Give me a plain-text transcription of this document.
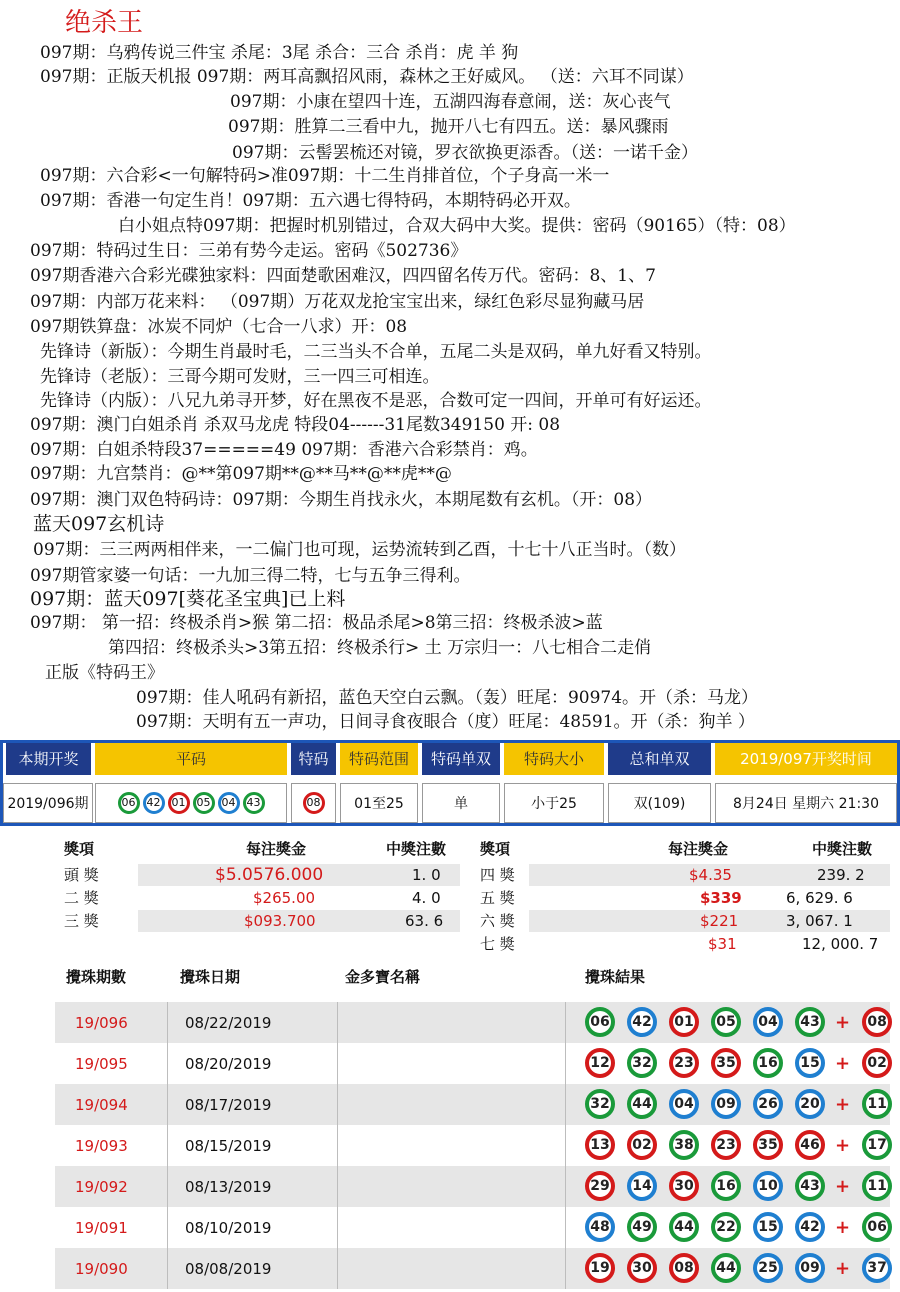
绝杀王
097期：乌鸦传说三件宝 杀尾：3尾 杀合：三合 杀肖：虎 羊 狗
097期：正版天机报 097期：两耳高飘招风雨，森林之王好威风。 （送：六耳不同谋）
097期：小康在望四十连，五湖四海春意闹，送：灰心丧气
097期：胜算二三看中九，抛开八七有四五。送：暴风骤雨
097期：云髻罢梳还对镜，罗衣欲换更添香。（送：一诺千金）
097期：六合彩<一句解特码>准097期：十二生肖排首位，个子身高一米一
097期：香港一句定生肖！097期：五六遇七得特码，本期特码必开双。
白小姐点特097期：把握时机别错过，合双大码中大奖。提供：密码（90165）（特：08）
097期：特码过生日：三弟有势今走运。密码《502736》
097期香港六合彩光碟独家料：四面楚歌困难汉，四四留名传万代。密码：8、1、7
097期：内部万花来料： （097期）万花双龙抢宝宝出来，绿红色彩尽显狗藏马居
097期铁算盘：冰炭不同炉（七合一八求）开：08
先锋诗（新版）：今期生肖最时毛，二三当头不合单，五尾二头是双码，单九好看又特别。
先锋诗（老版）：三哥今期可发财，三一四三可相连。
先锋诗（内版）：八兄九弟寻开梦，好在黑夜不是恶，合数可定一四间，开单可有好运还。
097期：澳门白姐杀肖 杀双马龙虎 特段04------31尾数349150 开: 08
097期：白姐杀特段37=====49 097期：香港六合彩禁肖：鸡。
097期：九宫禁肖：@**第097期**@**马**@**虎**@
097期：澳门双色特码诗：097期：今期生肖找永火，本期尾数有玄机。（开：08）
蓝天097玄机诗
097期：三三两两相伴来，一二偏门也可现，运势流转到乙酉，十七十八正当时。（数）
097期管家婆一句话：一九加三得二特，七与五争三得利。
097期：蓝天097[葵花圣宝典]已上料
097期： 第一招：终极杀肖>猴 第二招：极品杀尾>8第三招：终极杀波>蓝
第四招：终极杀头>3第五招：终极杀行> 土 万宗归一：八七相合二走俏
正版《特码王》
097期：佳人吼码有新招，蓝色天空白云飘。（轰）旺尾：90974。开（杀：马龙）
097期：天明有五一声功，日间寻食夜眼合（度）旺尾：48591。开（杀：狗羊 ）
本期开奖	平码	特码	特码范围	特码单双	特码大小	总和单双	2019/097开奖时间
2019/096期	06	42	01	05	04	43	08	01至25	单	小于25	双(109)	8月24日 星期六 21:30
獎項	每注獎金	中獎注數 獎項	每注獎金	中獎注數
頭 獎	$5.0576.000	1. 0
二 獎	$265.00	4. 0
三 獎	$093.700	63. 6
四 獎	$4.35	239. 2
五 獎	$339	6, 629. 6
六 獎	$221	3, 067. 1
七 獎	$31	12, 000. 7
攪珠期數	攪珠日期	金多寶名稱	攪珠結果
19/096	08/22/2019	06	42	01	05	04	43 +	08
19/095	08/20/2019	12	32	23	35	16	15 +	02
19/094	08/17/2019	32	44	04	09	26	20 +	11
19/093	08/15/2019	13	02	38	23	35	46 +	17
19/092	08/13/2019	29	14	30	16	10	43 +	11
19/091	08/10/2019	48	49	44	22	15	42 +	06
19/090	08/08/2019	19	30	08	44	25	09 +	37
